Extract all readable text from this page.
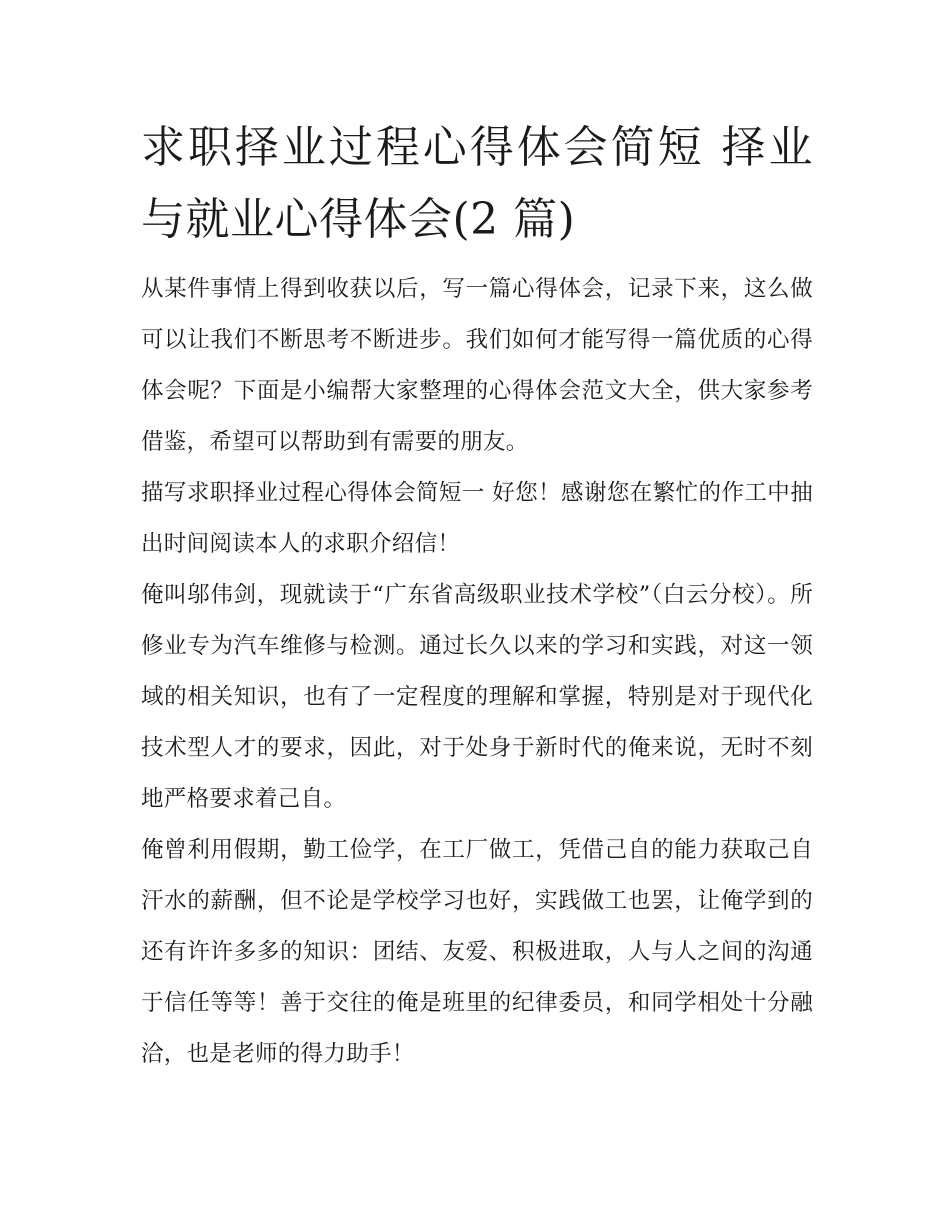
求职择业过程心得体会简短 择业与就业心得体会(2 篇)

从某件事情上得到收获以后，写一篇心得体会，记录下来，这么做可以让我们不断思考不断进步。我们如何才能写得一篇优质的心得体会呢？下面是小编帮大家整理的心得体会范文大全，供大家参考借鉴，希望可以帮助到有需要的朋友。

描写求职择业过程心得体会简短一 好您！感谢您在繁忙的作工中抽出时间阅读本人的求职介绍信！

俺叫邬伟剑，现就读于“广东省高级职业技术学校”（白云分校）。所修业专为汽车维修与检测。通过长久以来的学习和实践，对这一领域的相关知识，也有了一定程度的理解和掌握，特别是对于现代化技术型人才的要求，因此，对于处身于新时代的俺来说，无时不刻地严格要求着己自。

俺曾利用假期，勤工俭学，在工厂做工，凭借己自的能力获取己自汗水的薪酬，但不论是学校学习也好，实践做工也罢，让俺学到的还有许许多多的知识：团结、友爱、积极进取，人与人之间的沟通于信任等等！善于交往的俺是班里的纪律委员，和同学相处十分融洽，也是老师的得力助手！
